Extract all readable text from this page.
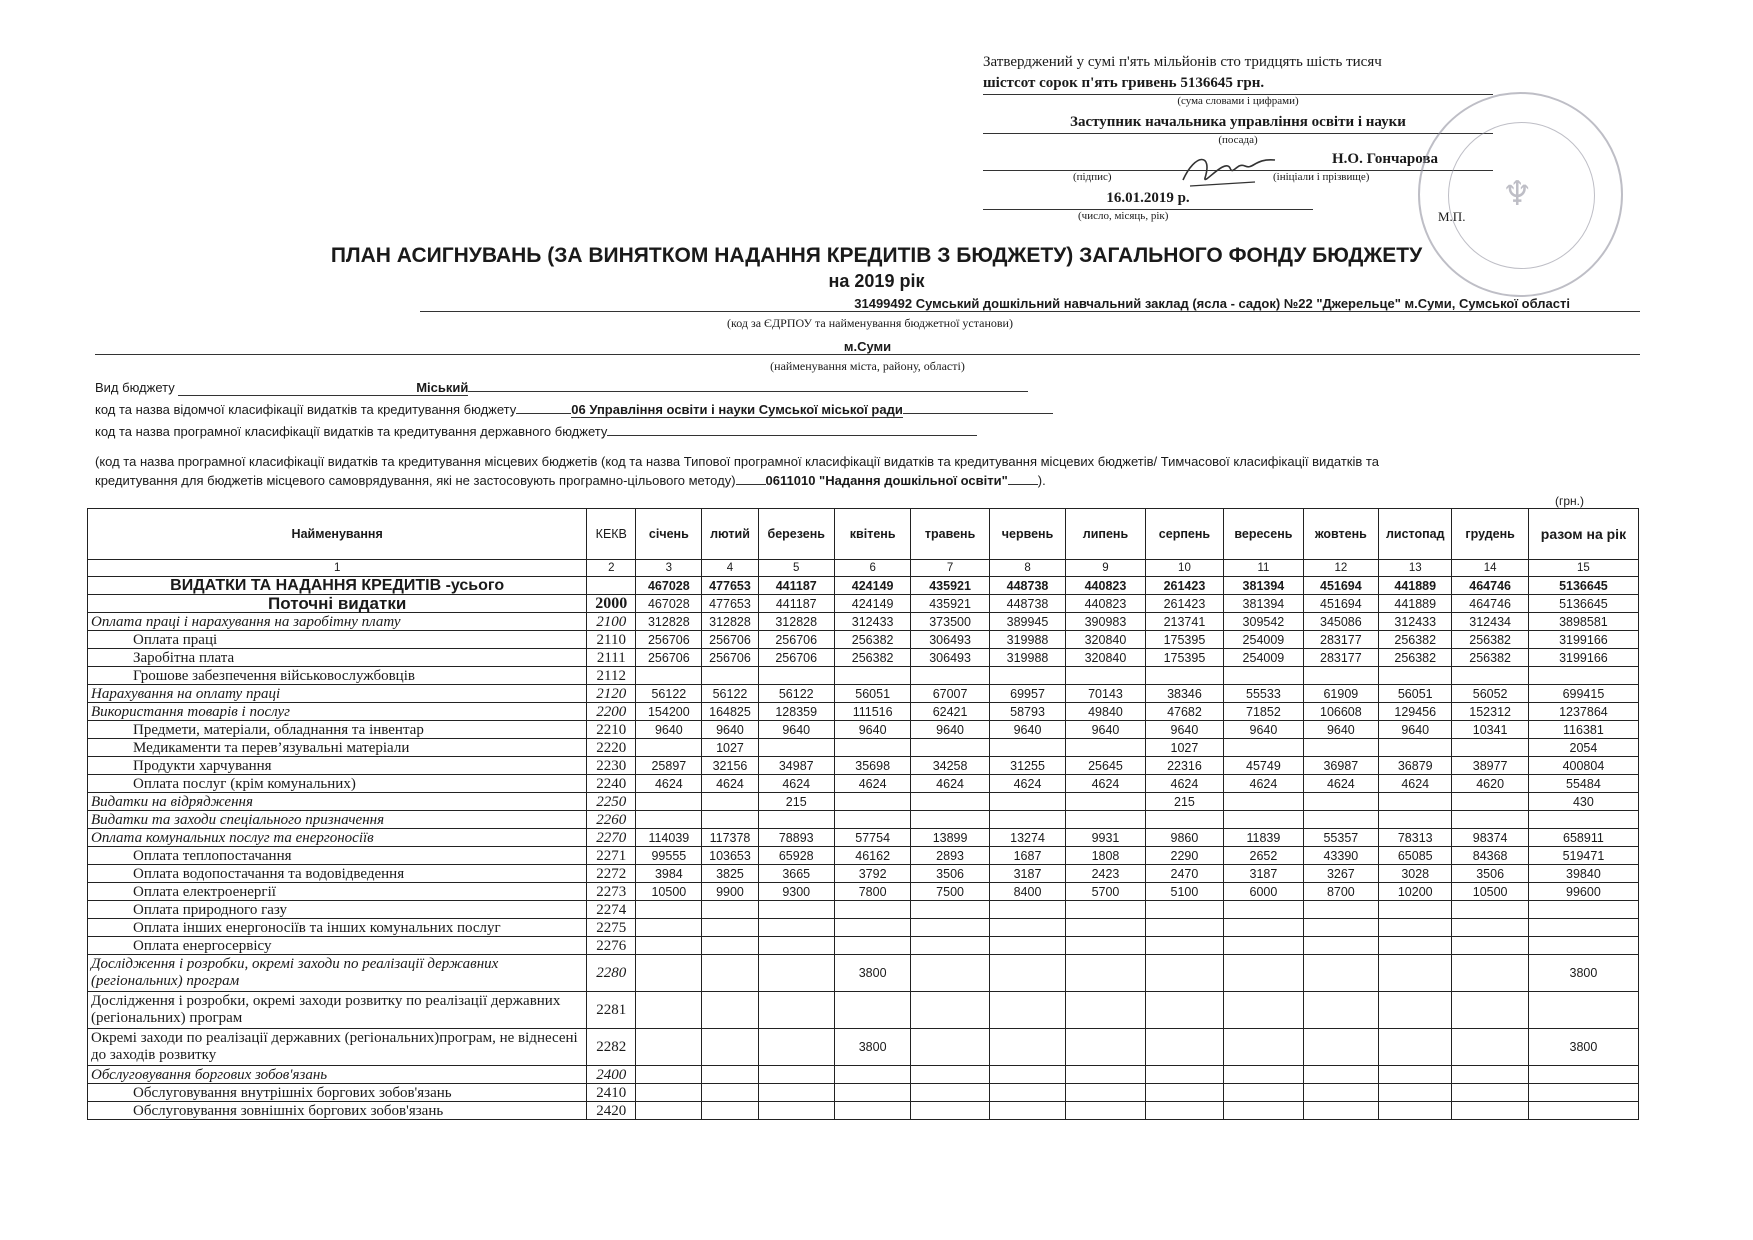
Затверджений у сумі п'ять мільйонів сто тридцять шість тисяч
шістсот сорок п'ять гривень 5136645 грн.
(сума словами і цифрами)
Заступник начальника управління освіти і науки
(посада)
Н.О. Гончарова
(підпис)	(ініціали і прізвище)
16.01.2019 р.
(число, місяць, рік)	М.П.
♆
ПЛАН АСИГНУВАНЬ (ЗА ВИНЯТКОМ НАДАННЯ КРЕДИТІВ З БЮДЖЕТУ) ЗАГАЛЬНОГО ФОНДУ БЮДЖЕТУ
на 2019 рік
31499492 Сумський дошкільний навчальний заклад (ясла - садок) №22 "Джерельце" м.Суми, Сумської області
(код за ЄДРПОУ та найменування бюджетної установи)
м.Суми
(найменування міста, району, області)
Вид бюджету	Міський
код та назва відомчої класифікації видатків та кредитування бюджету	06 Управління освіти і науки Сумської міської ради
код та назва програмної класифікації видатків та кредитування державного бюджету
(код та назва програмної класифікації видатків та кредитування місцевих бюджетів (код та назва Типової програмної класифікації видатків та кредитування місцевих бюджетів/ Тимчасової класифікації видатків та
кредитування для бюджетів місцевого самоврядування, які не застосовують програмно-цільового методу) 0611010 "Надання дошкільної освіти" ).
(грн.)
Найменування	КЕКВ	січень	лютий	березень	квітень	травень	червень	липень	серпень	вересень	жовтень	листопад	грудень	разом на рік
1	2	3	4	5	6	7	8	9	10	11	12	13	14	15
ВИДАТКИ ТА НАДАННЯ КРЕДИТІВ -усього		467028	477653	441187	424149	435921	448738	440823	261423	381394	451694	441889	464746	5136645
Поточні видатки	2000	467028	477653	441187	424149	435921	448738	440823	261423	381394	451694	441889	464746	5136645
Оплата праці і нарахування на заробітну плату	2100	312828	312828	312828	312433	373500	389945	390983	213741	309542	345086	312433	312434	3898581
Оплата праці	2110	256706	256706	256706	256382	306493	319988	320840	175395	254009	283177	256382	256382	3199166
Заробітна плата	2111	256706	256706	256706	256382	306493	319988	320840	175395	254009	283177	256382	256382	3199166
Грошове забезпечення військовослужбовців	2112													
Нарахування на оплату праці	2120	56122	56122	56122	56051	67007	69957	70143	38346	55533	61909	56051	56052	699415
Використання товарів і послуг	2200	154200	164825	128359	111516	62421	58793	49840	47682	71852	106608	129456	152312	1237864
Предмети, матеріали, обладнання та інвентар	2210	9640	9640	9640	9640	9640	9640	9640	9640	9640	9640	9640	10341	116381
Медикаменти та перев’язувальні матеріали	2220		1027						1027					2054
Продукти харчування	2230	25897	32156	34987	35698	34258	31255	25645	22316	45749	36987	36879	38977	400804
Оплата послуг (крім комунальних)	2240	4624	4624	4624	4624	4624	4624	4624	4624	4624	4624	4624	4620	55484
Видатки на відрядження	2250			215					215					430
Видатки та заходи спеціального призначення	2260													
Оплата комунальних послуг та енергоносіїв	2270	114039	117378	78893	57754	13899	13274	9931	9860	11839	55357	78313	98374	658911
Оплата теплопостачання	2271	99555	103653	65928	46162	2893	1687	1808	2290	2652	43390	65085	84368	519471
Оплата водопостачання та водовідведення	2272	3984	3825	3665	3792	3506	3187	2423	2470	3187	3267	3028	3506	39840
Оплата електроенергії	2273	10500	9900	9300	7800	7500	8400	5700	5100	6000	8700	10200	10500	99600
Оплата природного газу	2274													
Оплата інших енергоносіїв та інших комунальних послуг	2275													
Оплата енергосервісу	2276													
Дослідження і розробки, окремі заходи по реалізації державних (регіональних) програм	2280				3800									3800
Дослідження і розробки, окремі заходи розвитку по реалізації державних (регіональних) програм	2281													
Окремі заходи по реалізації державних (регіональних)програм, не віднесені до заходів розвитку	2282				3800									3800
Обслуговування боргових зобов'язань	2400													
Обслуговування внутрішніх боргових зобов'язань	2410													
Обслуговування зовнішніх боргових зобов'язань	2420													
